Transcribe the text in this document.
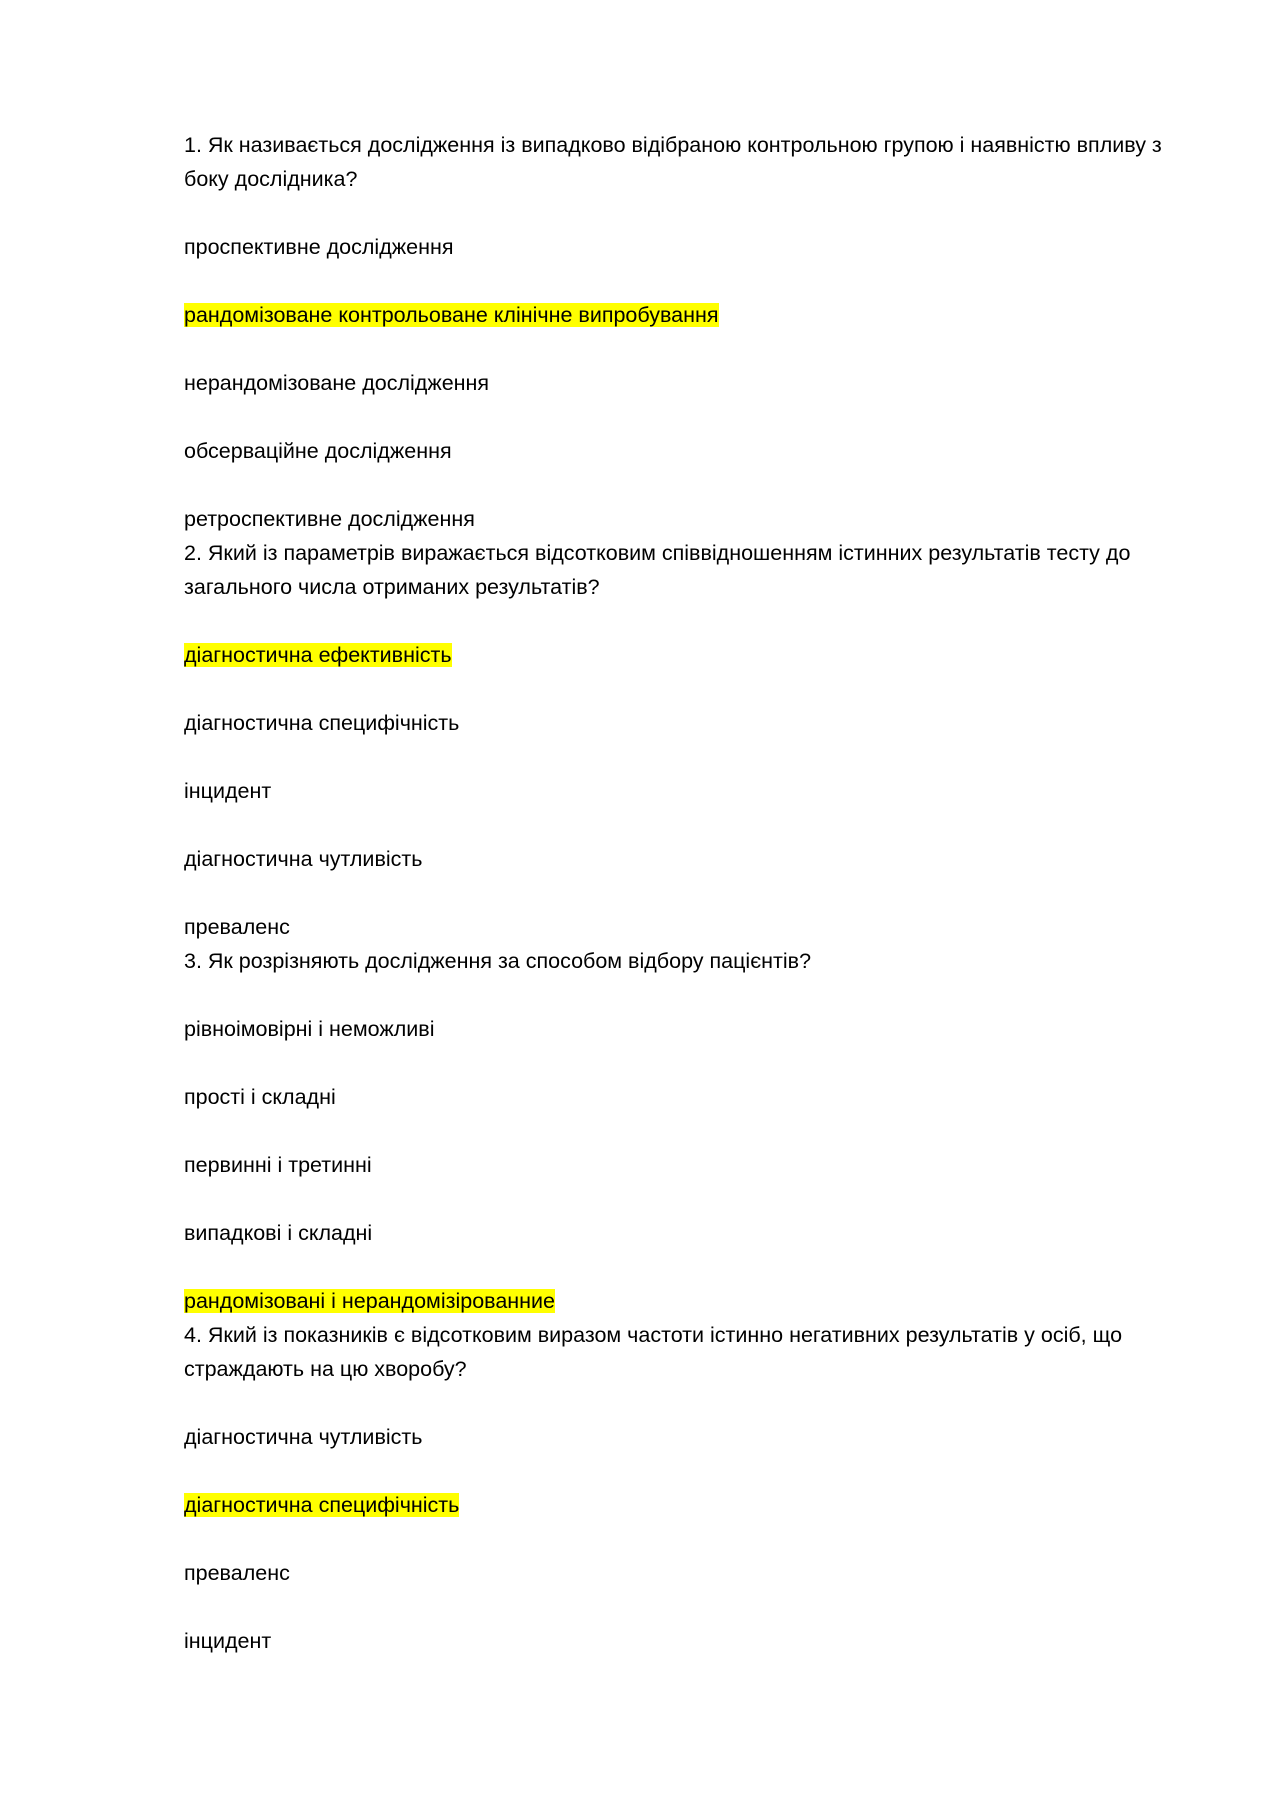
1. Як називається дослідження із випадково відібраною контрольною групою і наявністю впливу з боку дослідника?

проспективне дослідження

рандомізоване контрольоване клінічне випробування

нерандомізоване дослідження

обсерваційне дослідження

ретроспективне дослідження

2. Який із параметрів виражається відсотковим співвідношенням істинних результатів тесту до загального числа отриманих результатів?

діагностична ефективність

діагностична специфічність

інцидент

діагностична чутливість

преваленс

3. Як розрізняють дослідження за способом відбору пацієнтів?

рівноімовірні і неможливі

прості і складні

первинні і третинні

випадкові і складні

рандомізовані і нерандомізірованние

4. Який із показників є відсотковим виразом частоти істинно негативних результатів у осіб, що страждають на цю хворобу?

діагностична чутливість

діагностична специфічність

преваленс

інцидент
